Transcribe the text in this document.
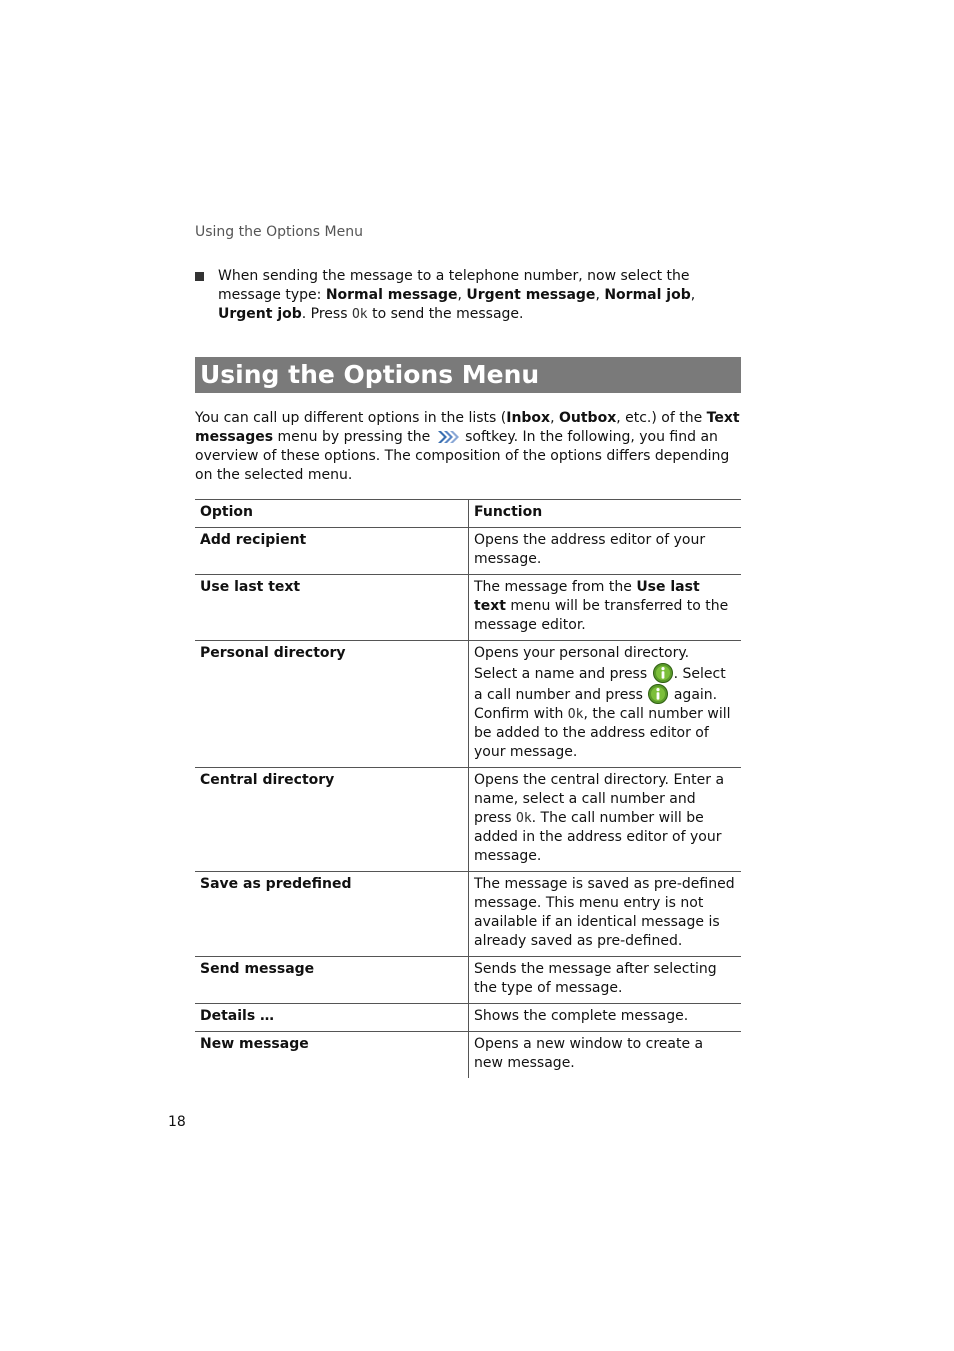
Using the Options Menu
When sending the message to a telephone number, now select the message type: Normal message, Urgent message, Normal job, Urgent job. Press Ok to send the message.
Using the Options Menu
You can call up different options in the lists (Inbox, Outbox, etc.) of the Text messages menu by pressing the  softkey. In the following, you find an overview of these options. The composition of the options differs depending on the selected menu.
Option	Function
Add recipient	Opens the address editor of your message.
Use last text	The message from the Use last text menu will be transferred to the message editor.
Personal directory	Opens your personal directory. Select a name and press . Select a call number and press  again. Confirm with Ok, the call number will be added to the address editor of your message.
Central directory	Opens the central directory. Enter a name, select a call number and press Ok. The call number will be added in the address editor of your message.
Save as predefined	The message is saved as pre-defined message. This menu entry is not available if an identical message is already saved as pre-defined.
Send message	Sends the message after selecting the type of message.
Details …	Shows the complete message.
New message	Opens a new window to create a new message.
18
